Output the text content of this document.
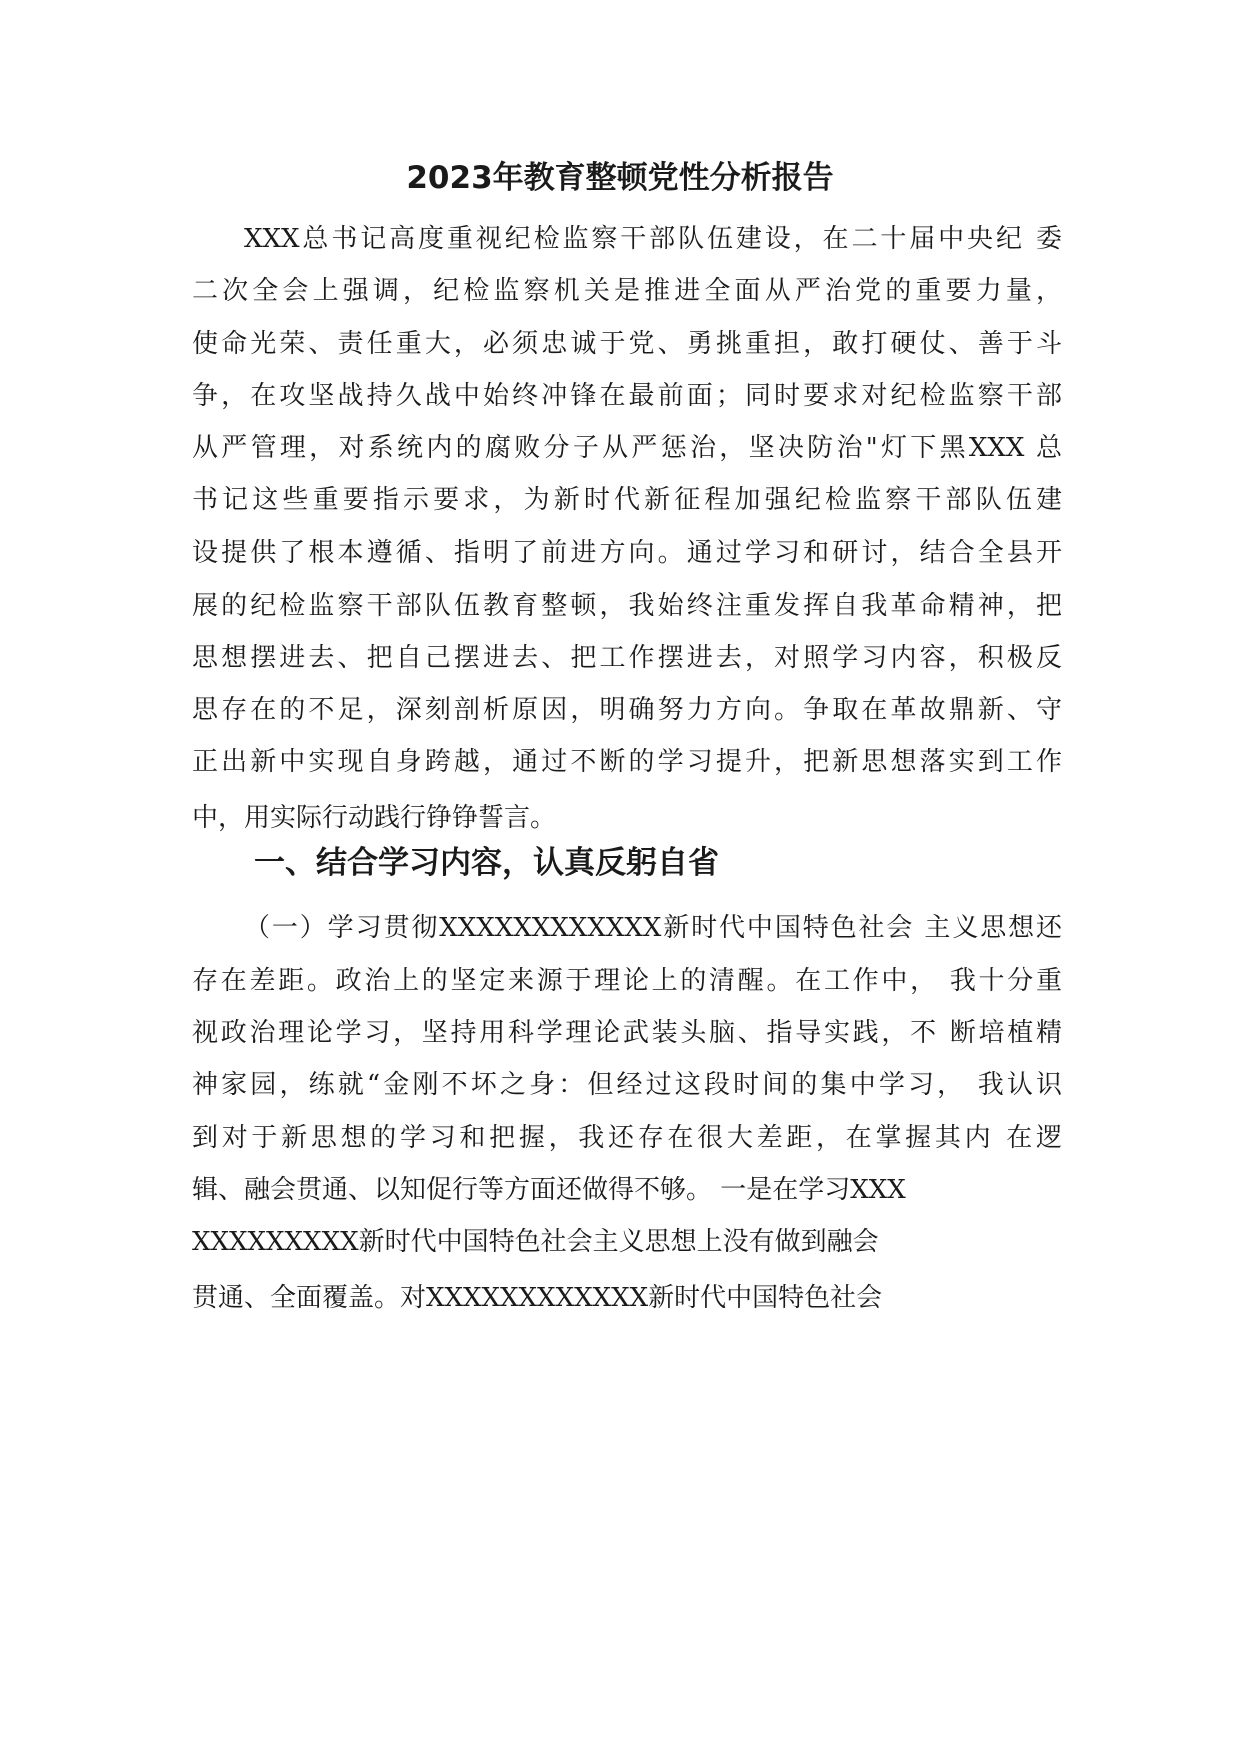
2023年教育整顿党性分析报告

XXX总书记高度重视纪检监察干部队伍建设，在二十届中央纪 委

二次全会上强调，纪检监察机关是推进全面从严治党的重要力量，

使命光荣、责任重大，必须忠诚于党、勇挑重担，敢打硬仗、善于斗

争，在攻坚战持久战中始终冲锋在最前面；同时要求对纪检监察干部

从严管理，对系统内的腐败分子从严惩治，坚决防治"灯下黑XXX 总

书记这些重要指示要求，为新时代新征程加强纪检监察干部队伍建

设提供了根本遵循、指明了前进方向。通过学习和研讨，结合全县开

展的纪检监察干部队伍教育整顿，我始终注重发挥自我革命精神，把

思想摆进去、把自己摆进去、把工作摆进去，对照学习内容，积极反

思存在的不足，深刻剖析原因，明确努力方向。争取在革故鼎新、守

正出新中实现自身跨越，通过不断的学习提升，把新思想落实到工作

中，用实际行动践行铮铮誓言。

一、结合学习内容，认真反躬自省

（一）学习贯彻XXXXXXXXXXXX新时代中国特色社会 主义思想还

存在差距。政治上的坚定来源于理论上的清醒。在工作中， 我十分重

视政治理论学习，坚持用科学理论武装头脑、指导实践，不 断培植精

神家园，练就“金刚不坏之身：但经过这段时间的集中学习， 我认识

到对于新思想的学习和把握，我还存在很大差距，在掌握其内 在逻

辑、融会贯通、以知促行等方面还做得不够。 一是在学习XXX

XXXXXXXXX新时代中国特色社会主义思想上没有做到融会

贯通、全面覆盖。对XXXXXXXXXXXX新时代中国特色社会
